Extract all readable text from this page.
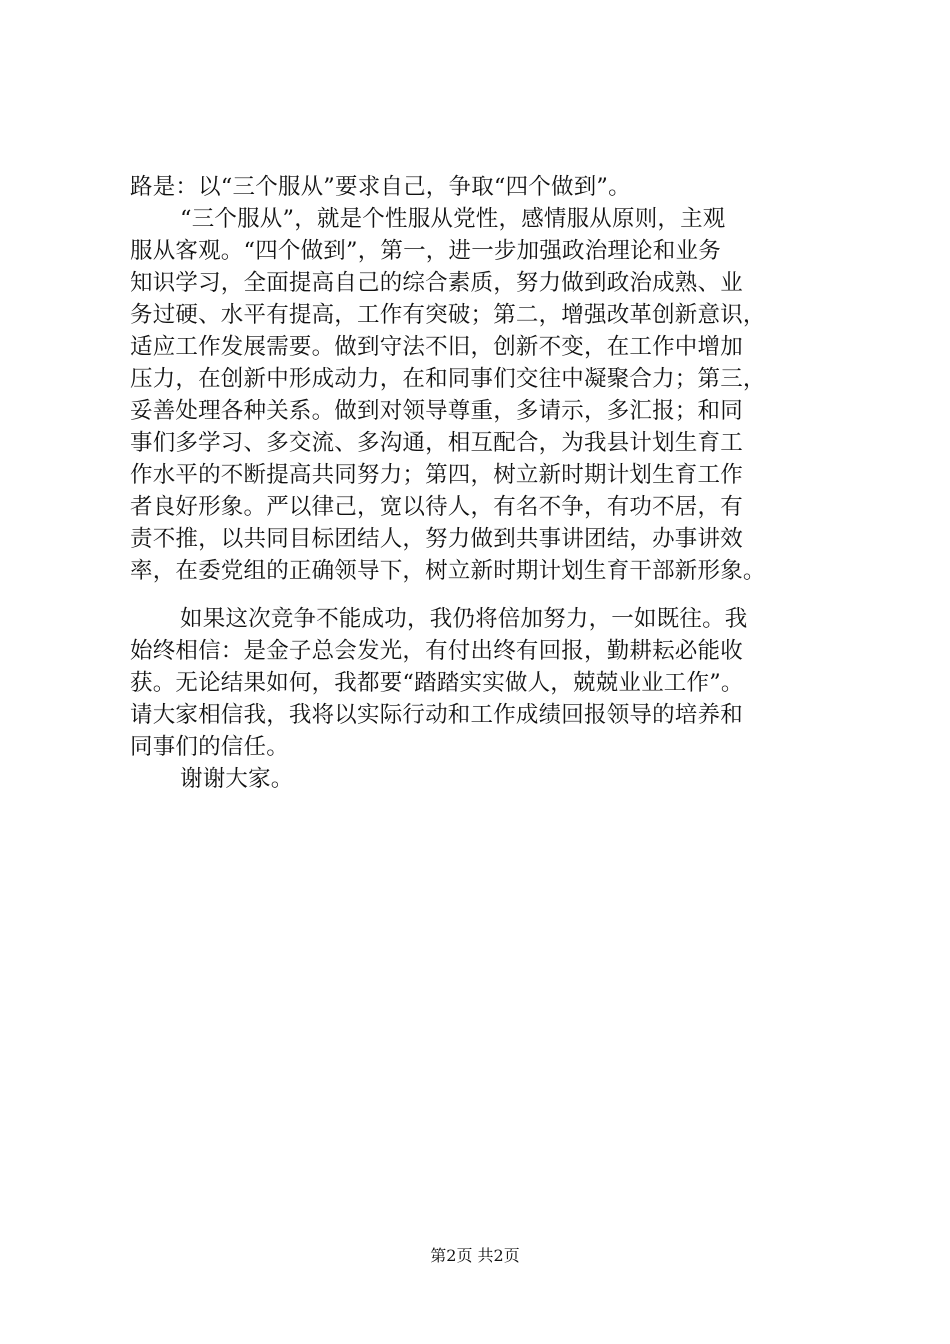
路是：以“三个服从”要求自己，争取“四个做到”。
“三个服从”，就是个性服从党性，感情服从原则，主观
服从客观。“四个做到”，第一，进一步加强政治理论和业务
知识学习，全面提高自己的综合素质，努力做到政治成熟、业
务过硬、水平有提高，工作有突破；第二，增强改革创新意识，
适应工作发展需要。做到守法不旧，创新不变，在工作中增加
压力，在创新中形成动力，在和同事们交往中凝聚合力；第三，
妥善处理各种关系。做到对领导尊重，多请示，多汇报；和同
事们多学习、多交流、多沟通，相互配合，为我县计划生育工
作水平的不断提高共同努力；第四，树立新时期计划生育工作
者良好形象。严以律己，宽以待人，有名不争，有功不居，有
责不推，以共同目标团结人，努力做到共事讲团结，办事讲效
率，在委党组的正确领导下，树立新时期计划生育干部新形象。
如果这次竞争不能成功，我仍将倍加努力，一如既往。我
始终相信：是金子总会发光，有付出终有回报，勤耕耘必能收
获。无论结果如何，我都要“踏踏实实做人，兢兢业业工作”。
请大家相信我，我将以实际行动和工作成绩回报领导的培养和
同事们的信任。
谢谢大家。
第2页 共2页
